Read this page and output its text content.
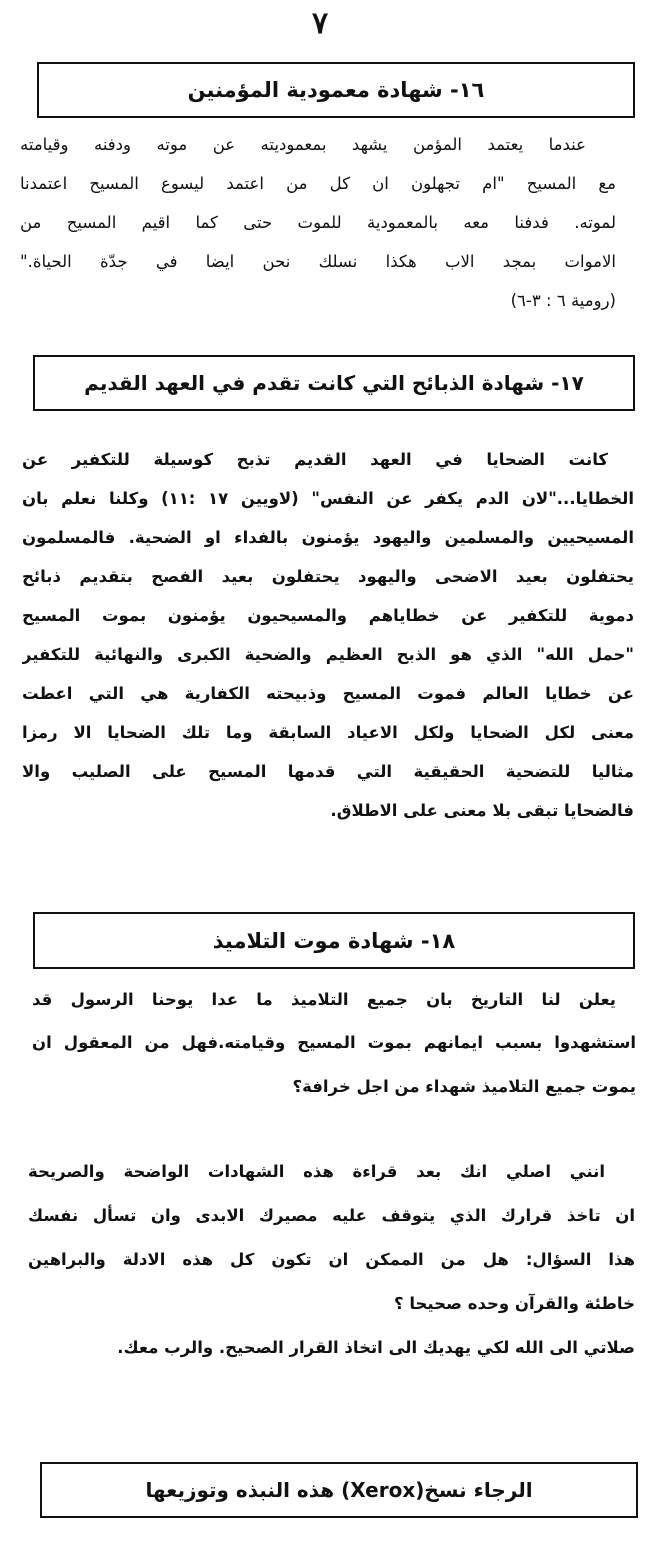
٧
١٦- شهادة معمودية المؤمنين
عندما يعتمد المؤمن يشهد بمعموديته عن موته ودفنه وقيامته
مع المسيح "ام تجهلون ان كل من اعتمد ليسوع المسيح اعتمدنا
لموته. فدفنا معه بالمعمودية للموت حتى كما اقيم المسيح من
الاموات بمجد الاب هكذا نسلك نحن ايضا في جدّة الحياة."
(رومية ٦ : ٣-٦)
١٧- شهادة الذبائح التي كانت تقدم في العهد القديم
كانت الضحايا في العهد القديم تذبح كوسيلة للتكفير عن
الخطايا..."لان الدم يكفر عن النفس" (لاويين ١٧ :١١) وكلنا نعلم بان
المسيحيين والمسلمين واليهود يؤمنون بالفداء او الضحية. فالمسلمون
يحتفلون بعيد الاضحى واليهود يحتفلون بعيد الفصح بتقديم ذبائح
دموية للتكفير عن خطاياهم والمسيحيون يؤمنون بموت المسيح
"حمل الله" الذي هو الذبح العظيم والضحية الكبرى والنهائية للتكفير
عن خطايا العالم فموت المسيح وذبيحته الكفارية هي التي اعطت
معنى لكل الضحايا ولكل الاعياد السابقة وما تلك الضحايا الا رمزا
مثاليا للتضحية الحقيقية التي قدمها المسيح على الصليب والا
فالضحايا تبقى بلا معنى على الاطلاق.
١٨- شهادة موت التلاميذ
يعلن لنا التاريخ بان جميع التلاميذ ما عدا يوحنا الرسول قد
استشهدوا بسبب ايمانهم بموت المسيح وقيامته.فهل من المعقول ان
يموت جميع التلاميذ شهداء من اجل خرافة؟
انني اصلي انك بعد قراءة هذه الشهادات الواضحة والصريحة
ان تاخذ قرارك الذي يتوقف عليه مصيرك الابدى وان تسأل نفسك
هذا السؤال: هل من الممكن ان تكون كل هذه الادلة والبراهين
خاطئة والقرآن وحده صحيحا ؟
صلاتي الى الله لكي يهديك الى اتخاذ القرار الصحيح. والرب معك.
الرجاء نسخ(Xerox) هذه النبذه وتوزيعها
